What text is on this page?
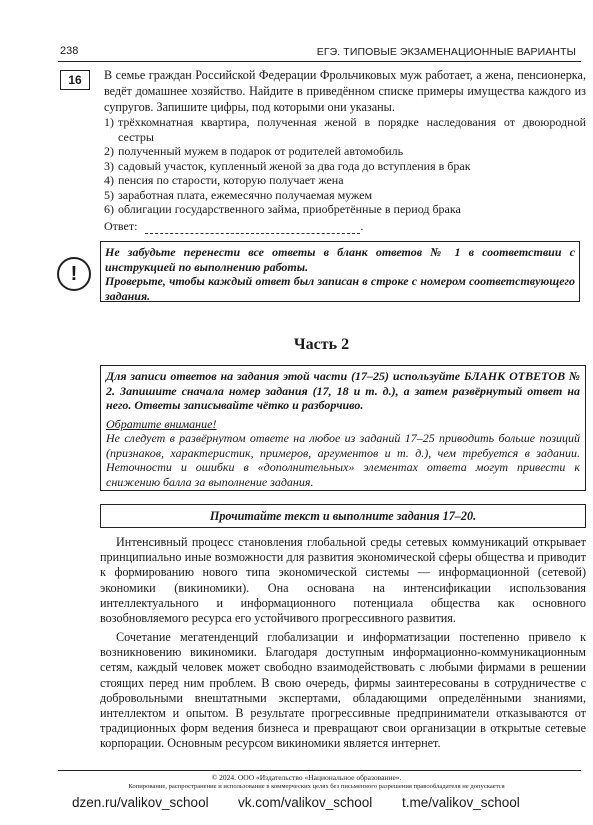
238	ЕГЭ. ТИПОВЫЕ ЭКЗАМЕНАЦИОННЫЕ ВАРИАНТЫ
16	В семье граждан Российской Федерации Фрольчиковых муж работает, а жена, пенсионерка, ведёт домашнее хозяйство. Найдите в приведённом списке примеры имущества каждого из супругов. Запишите цифры, под которыми они указаны.
1) трёхкомнатная квартира, полученная женой в порядке наследования от двоюродной сестры
2) полученный мужем в подарок от родителей автомобиль
3) садовый участок, купленный женой за два года до вступления в брак
4) пенсия по старости, которую получает жена
5) заработная плата, ежемесячно получаемая мужем
6) облигации государственного займа, приобретённые в период брака
Ответ:	.
!
Не забудьте перенести все ответы в бланк ответов № 1 в соответствии с инструкцией по выполнению работы.
Проверьте, чтобы каждый ответ был записан в строке с номером соответствующего задания.
Часть 2
Для записи ответов на задания этой части (17–25) используйте БЛАНК ОТВЕТОВ № 2. Запишите сначала номер задания (17, 18 и т. д.), а затем развёрнутый ответ на него. Ответы записывайте чётко и разборчиво.
Обратите внимание!
Не следует в развёрнутом ответе на любое из заданий 17–25 приводить больше позиций (признаков, характеристик, примеров, аргументов и т. д.), чем требуется в задании. Неточности и ошибки в «дополнительных» элементах ответа могут привести к снижению балла за выполнение задания.
Прочитайте текст и выполните задания 17–20.

Интенсивный процесс становления глобальной среды сетевых коммуникаций открывает принципиально иные возможности для развития экономической сферы общества и приводит к формированию нового типа экономической системы — информационной (сетевой) экономики (викиномики). Она основана на интенсификации использования интеллектуального и информационного потенциала общества как основного возобновляемого ресурса его устойчивого прогрессивного развития.

Сочетание мегатенденций глобализации и информатизации постепенно привело к возникновению викиномики. Благодаря доступным информационно-коммуникационным сетям, каждый человек может свободно взаимодействовать с любыми фирмами в решении стоящих перед ним проблем. В свою очередь, фирмы заинтересованы в сотрудничестве с добровольными внештатными экспертами, обладающими определёнными знаниями, интеллектом и опытом. В результате прогрессивные предприниматели отказываются от традиционных форм ведения бизнеса и превращают свои организации в открытые сетевые корпорации. Основным ресурсом викиномики является интернет.

© 2024. ООО «Издательство «Национальное образование».
Копирование, распространение и использование в коммерческих целях без письменного разрешения правообладателя не допускается
dzen.ru/valikov_school vk.com/valikov_school t.me/valikov_school
